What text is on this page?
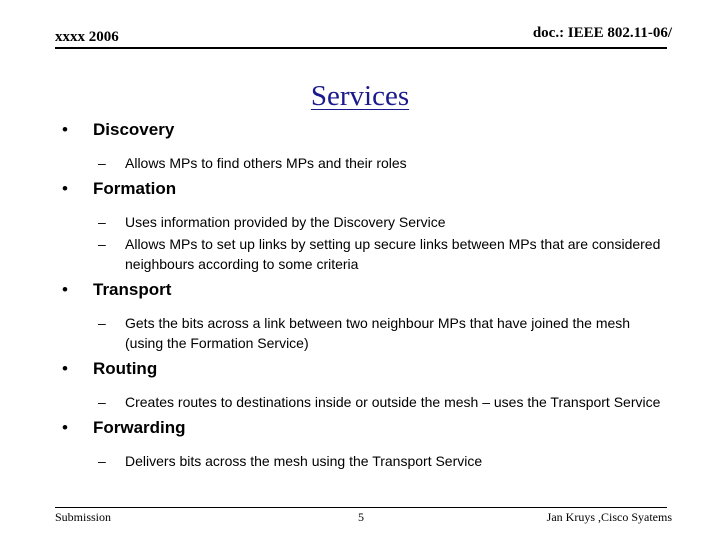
xxxx 2006	doc.: IEEE 802.11-06/
Services
• Discovery
– Allows MPs to find others MPs and their roles
• Formation
– Uses information provided by the Discovery Service
– Allows MPs to set up links by setting up secure links between MPs that are considered neighbours according to some criteria
• Transport
– Gets the bits across a link between two neighbour MPs that have joined the mesh (using the Formation Service)
• Routing
– Creates routes to destinations inside or outside the mesh – uses the Transport Service
• Forwarding
– Delivers bits across the mesh using the Transport Service
Submission	5	Jan Kruys ,Cisco Syatems
